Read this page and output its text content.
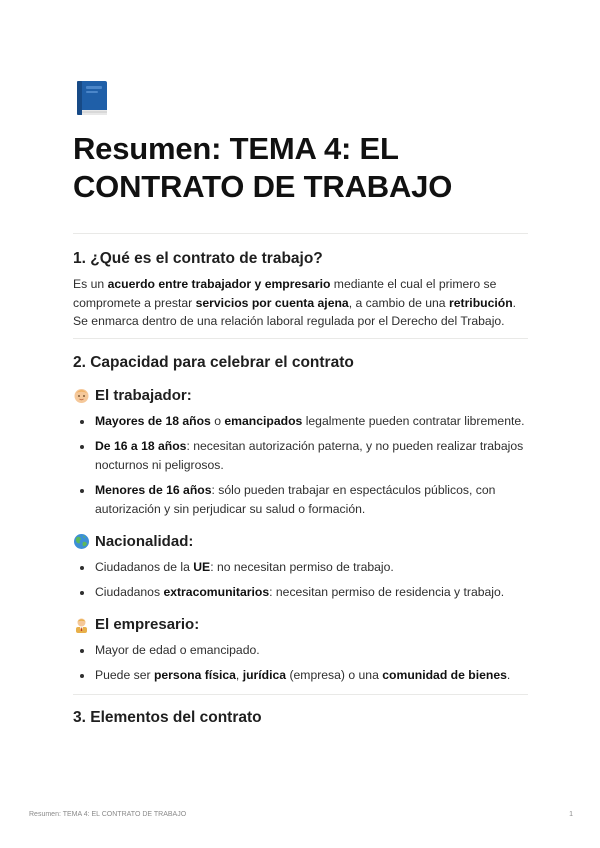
Resumen: TEMA 4: EL
CONTRATO DE TRABAJO
1. ¿Qué es el contrato de trabajo?

Es un acuerdo entre trabajador y empresario mediante el cual el primero se compromete a prestar servicios por cuenta ajena, a cambio de una retribución. Se enmarca dentro de una relación laboral regulada por el Derecho del Trabajo.

2. Capacidad para celebrar el contrato
El trabajador:
Mayores de 18 años o emancipados legalmente pueden contratar libremente.
De 16 a 18 años: necesitan autorización paterna, y no pueden realizar trabajos nocturnos ni peligrosos.
Menores de 16 años: sólo pueden trabajar en espectáculos públicos, con autorización y sin perjudicar su salud o formación.
Nacionalidad:
Ciudadanos de la UE: no necesitan permiso de trabajo.
Ciudadanos extracomunitarios: necesitan permiso de residencia y trabajo.
El empresario:
Mayor de edad o emancipado.
Puede ser persona física, jurídica (empresa) o una comunidad de bienes.
3. Elementos del contrato
Resumen: TEMA 4: EL CONTRATO DE TRABAJO	1
